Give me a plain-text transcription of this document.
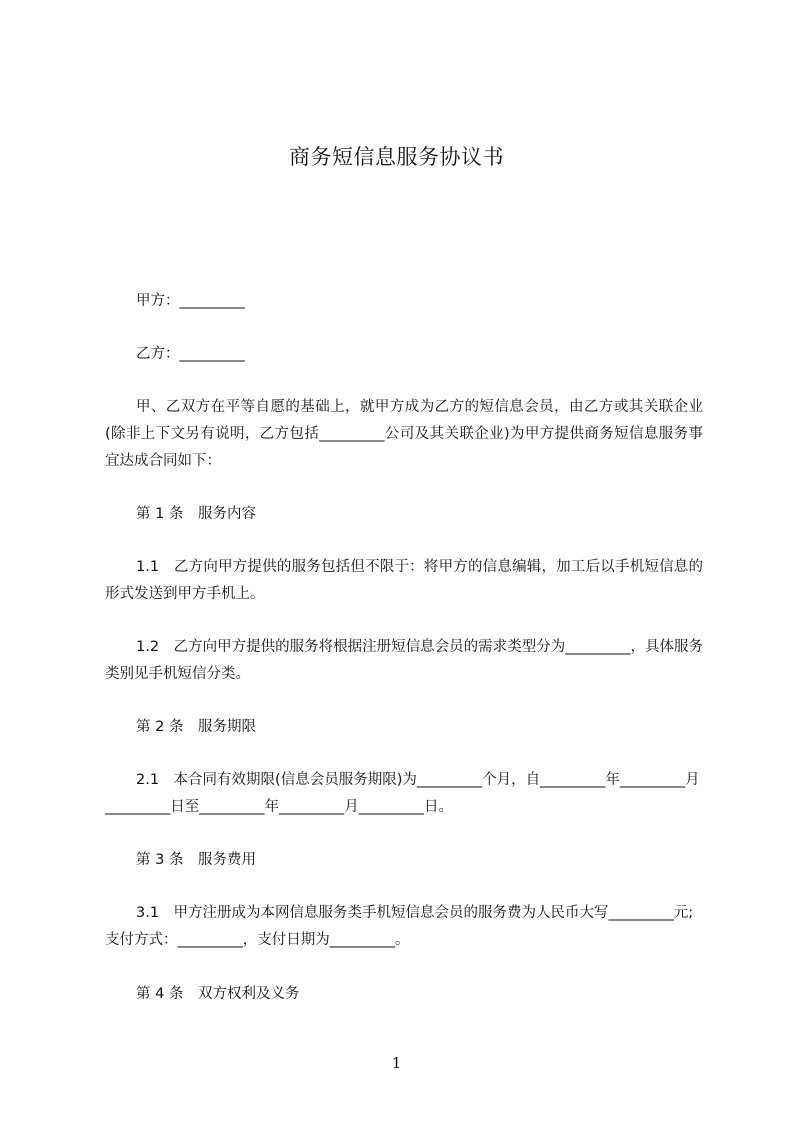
商务短信息服务协议书

甲方：_________

乙方：_________

甲、乙双方在平等自愿的基础上，就甲方成为乙方的短信息会员，由乙方或其关联企业(除非上下文另有说明，乙方包括_________公司及其关联企业)为甲方提供商务短信息服务事宜达成合同如下：

第 1 条　服务内容

1.1　乙方向甲方提供的服务包括但不限于：将甲方的信息编辑，加工后以手机短信息的形式发送到甲方手机上。

1.2　乙方向甲方提供的服务将根据注册短信息会员的需求类型分为_________，具体服务类别见手机短信分类。

第 2 条　服务期限

2.1　本合同有效期限(信息会员服务期限)为_________个月，自_________年_________月_________日至_________年_________月_________日。

第 3 条　服务费用

3.1　甲方注册成为本网信息服务类手机短信息会员的服务费为人民币大写_________元;支付方式：_________，支付日期为_________。

第 4 条　双方权利及义务

1
